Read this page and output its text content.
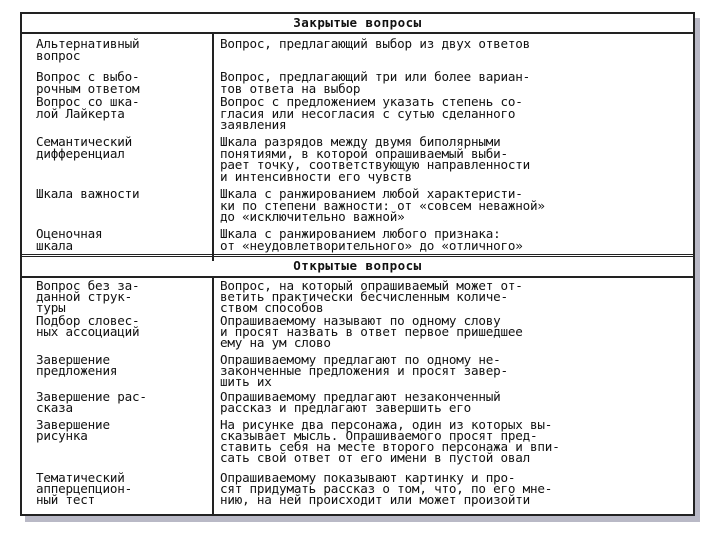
Закрытые вопросы
Альтернативный
вопрос
Вопрос, предлагающий выбор из двух ответов
Вопрос с выбо-
рочным ответом
Вопрос, предлагающий три или более вариан-
тов ответа на выбор
Вопрос со шка-
лой Лайкерта
Вопрос с предложением указать степень со-
гласия или несогласия с сутью сделанного
заявления
Семантический
дифференциал
Шкала разрядов между двумя биполярными
понятиями, в которой опрашиваемый выби-
рает точку, соответствующую направленности
и интенсивности его чувств
Шкала важности	Шкала с ранжированием любой характеристи-
ки по степени важности: от «совсем неважной»
до «исключительно важной»
Оценочная
шкала
Шкала с ранжированием любого признака:
от «неудовлетворительного» до «отличного»
Открытые вопросы
Вопрос без за-
данной струк-
туры
Вопрос, на который опрашиваемый может от-
ветить практически бесчисленным количе-
ством способов
Подбор словес-
ных ассоциаций
Опрашиваемому называют по одному слову
и просят назвать в ответ первое пришедшее
ему на ум слово
Завершение
предложения
Опрашиваемому предлагают по одному не-
законченные предложения и просят завер-
шить их
Завершение рас-
сказа
Опрашиваемому предлагают незаконченный
рассказ и предлагают завершить его
Завершение
рисунка
На рисунке два персонажа, один из которых вы-
сказывает мысль. Опрашиваемого просят пред-
ставить себя на месте второго персонажа и впи-
сать свой ответ от его имени в пустой овал
Тематический
апперцепцион-
ный тест
Опрашиваемому показывают картинку и про-
сят придумать рассказ о том, что, по его мне-
нию, на ней происходит или может произойти
